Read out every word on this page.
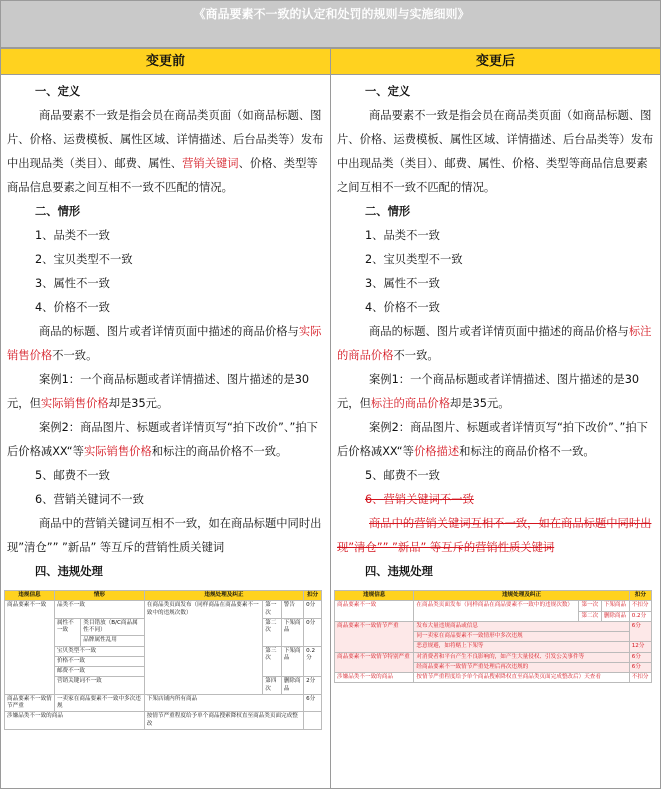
《商品要素不一致的认定和处罚的规则与实施细则》
变更前	变更后

一、定义

商品要素不一致是指会员在商品类页面（如商品标题、图片、价格、运费模板、属性区域、详情描述、后台品类等）发布中出现品类（类目）、邮费、属性、营销关键词、价格、类型等商品信息要素之间互相不一致不匹配的情况。

二、情形

1、品类不一致

2、宝贝类型不一致

3、属性不一致

4、价格不一致

商品的标题、图片或者详情页面中描述的商品价格与实际销售价格不一致。

案例1：一个商品标题或者详情描述、图片描述的是30元，但实际销售价格却是35元。

案例2：商品图片、标题或者详情页写“拍下改价”、”拍下后价格减XX“等实际销售价格和标注的商品价格不一致。

5、邮费不一致

6、营销关键词不一致

商品中的营销关键词互相不一致，如在商品标题中同时出现”清仓”” ”新品” 等互斥的营销性质关键词

四、违规处理

违规信息	情形		违规处理及纠正			扣分
商品要素不一致	品类不一致		在商品类页面发布（同样商品在商品要素不一致中的违规次数）	第一次	警告	0分
	属性不一致	类目错放（B/C商品属性不同）		第二次	下架商品	0分
		品牌属性乱用				
	宝贝类型不一致			第三次	下架商品	0.2分
	价格不一致					
	邮费不一致					
	营销关键词不一致			第四次	删除商品	2分
商品要素不一致情节严重	一卖家在商品要素不一致中多次违规		下架店铺内所有商品			6分
涉嫌品类不一致的商品			按情节严重程度给予单个商品搜索降权直至商品类页面完成整改			

一、定义

商品要素不一致是指会员在商品类页面（如商品标题、图片、价格、运费模板、属性区域、详情描述、后台品类等）发布中出现品类（类目）、邮费、属性、价格、类型等商品信息要素之间互相不一致不匹配的情况。

二、情形

1、品类不一致

2、宝贝类型不一致

3、属性不一致

4、价格不一致

商品的标题、图片或者详情页面中描述的商品价格与标注的商品价格不一致。

案例1：一个商品标题或者详情描述、图片描述的是30元，但标注的商品价格却是35元。

案例2：商品图片、标题或者详情页写“拍下改价”、”拍下后价格减XX“等价格描述和标注的商品价格不一致。

5、邮费不一致

6、营销关键词不一致

商品中的营销关键词互相不一致，如在商品标题中同时出现”清仓”” ”新品” 等互斥的营销性质关键词

四、违规处理

违规信息	违规处理及纠正			扣分
商品要素不一致	在商品类页面发布（同样商品在商品要素不一致中的违规次数）	第一次	下架商品	不扣分
		第二次	删除商品	0.2分
商品要素不一致情节严重	发布大量违规商品或信息			6分
	同一卖家在商品要素不一致情形中多次违规			
	恶意规避，如将赌上下架等			12分
商品要素不一致情节特别严重	对消费者和平台产生不良影响的，如产生大量侵权、引发公关事件等			6分
	经商品要素不一致情节严重处理后再次违规的			6分
涉嫌品类不一致的商品	按情节严重程度给予单个商品搜索降权直至商品类页面完成整改后）天查看			不扣分
